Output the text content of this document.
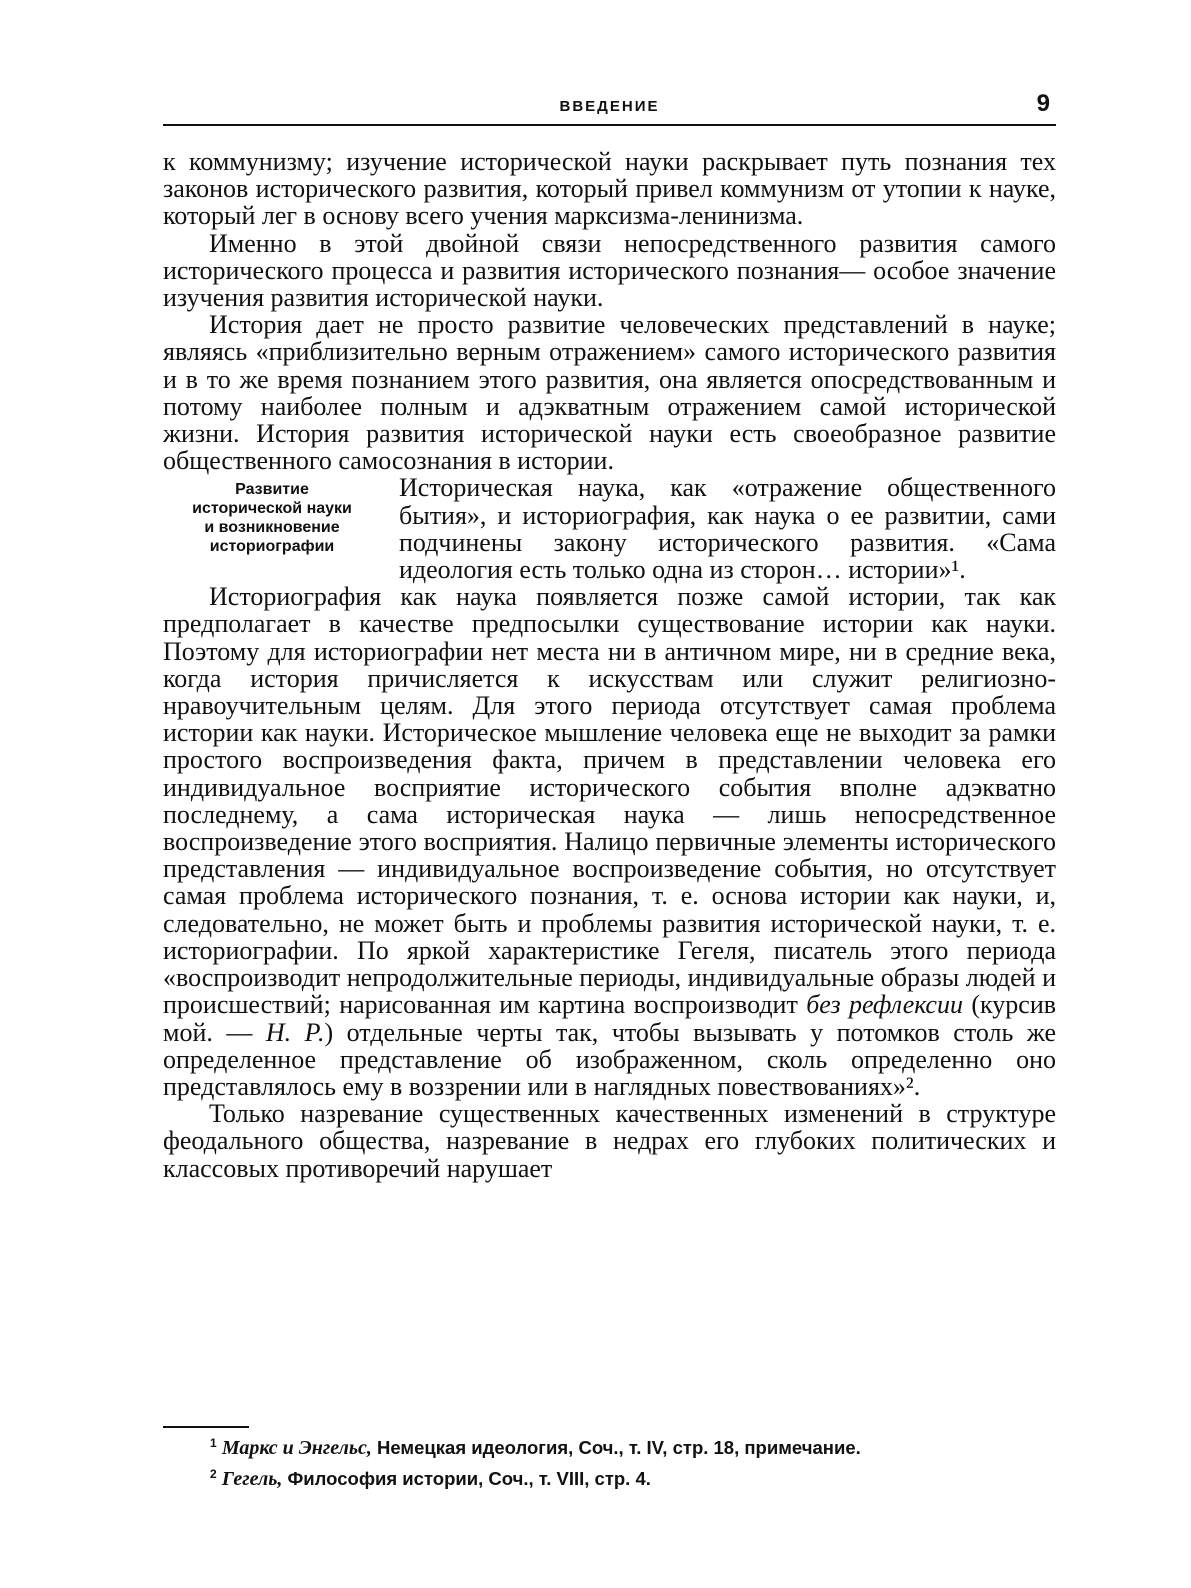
ВВЕДЕНИЕ	9

к коммунизму; изучение исторической науки раскрывает путь познания тех законов исторического развития, который привел коммунизм от утопии к науке, который лег в основу всего учения марксизма-ленинизма.

Именно в этой двойной связи непосредственного развития самого исторического процесса и развития исторического познания— особое значение изучения развития исторической науки.

История дает не просто развитие человеческих представлений в науке; являясь «приблизительно верным отражением» самого исторического развития и в то же время познанием этого развития, она является опосредствованным и потому наиболее полным и адэкватным отражением самой исторической жизни. История развития исторической науки есть своеобразное развитие общественного самосознания в истории.

Развитие
исторической науки
и возникновение
историографии

Историческая наука, как «отражение общественного бытия», и историография, как наука о ее развитии, сами подчинены закону исторического развития. «Сама идеология есть только одна из сторон… истории»¹.

Историография как наука появляется позже самой истории, так как предполагает в качестве предпосылки существование истории как науки. Поэтому для историографии нет места ни в античном мире, ни в средние века, когда история причисляется к искусствам или служит религиозно-нравоучительным целям. Для этого периода отсутствует самая проблема истории как науки. Историческое мышление человека еще не выходит за рамки простого воспроизведения факта, причем в представлении человека его индивидуальное восприятие исторического события вполне адэкватно последнему, а сама историческая наука — лишь непосредственное воспроизведение этого восприятия. Налицо первичные элементы исторического представления — индивидуальное воспроизведение события, но отсутствует самая проблема исторического познания, т. е. основа истории как науки, и, следовательно, не может быть и проблемы развития исторической науки, т. е. историографии. По яркой характеристике Гегеля, писатель этого периода «воспроизводит непродолжительные периоды, индивидуальные образы людей и происшествий; нарисованная им картина воспроизводит без рефлексии (курсив мой. — Н. Р.) отдельные черты так, чтобы вызывать у потомков столь же определенное представление об изображенном, сколь определенно оно представлялось ему в воззрении или в наглядных повествованиях»².

Только назревание существенных качественных изменений в структуре феодального общества, назревание в недрах его глубоких политических и классовых противоречий нарушает

$^1$ Маркс и Энгельс, Немецкая идеология, Соч., т. IV, стр. 18, примечание.
$^2$ Гегель, Философия истории, Соч., т. VIII, стр. 4.
